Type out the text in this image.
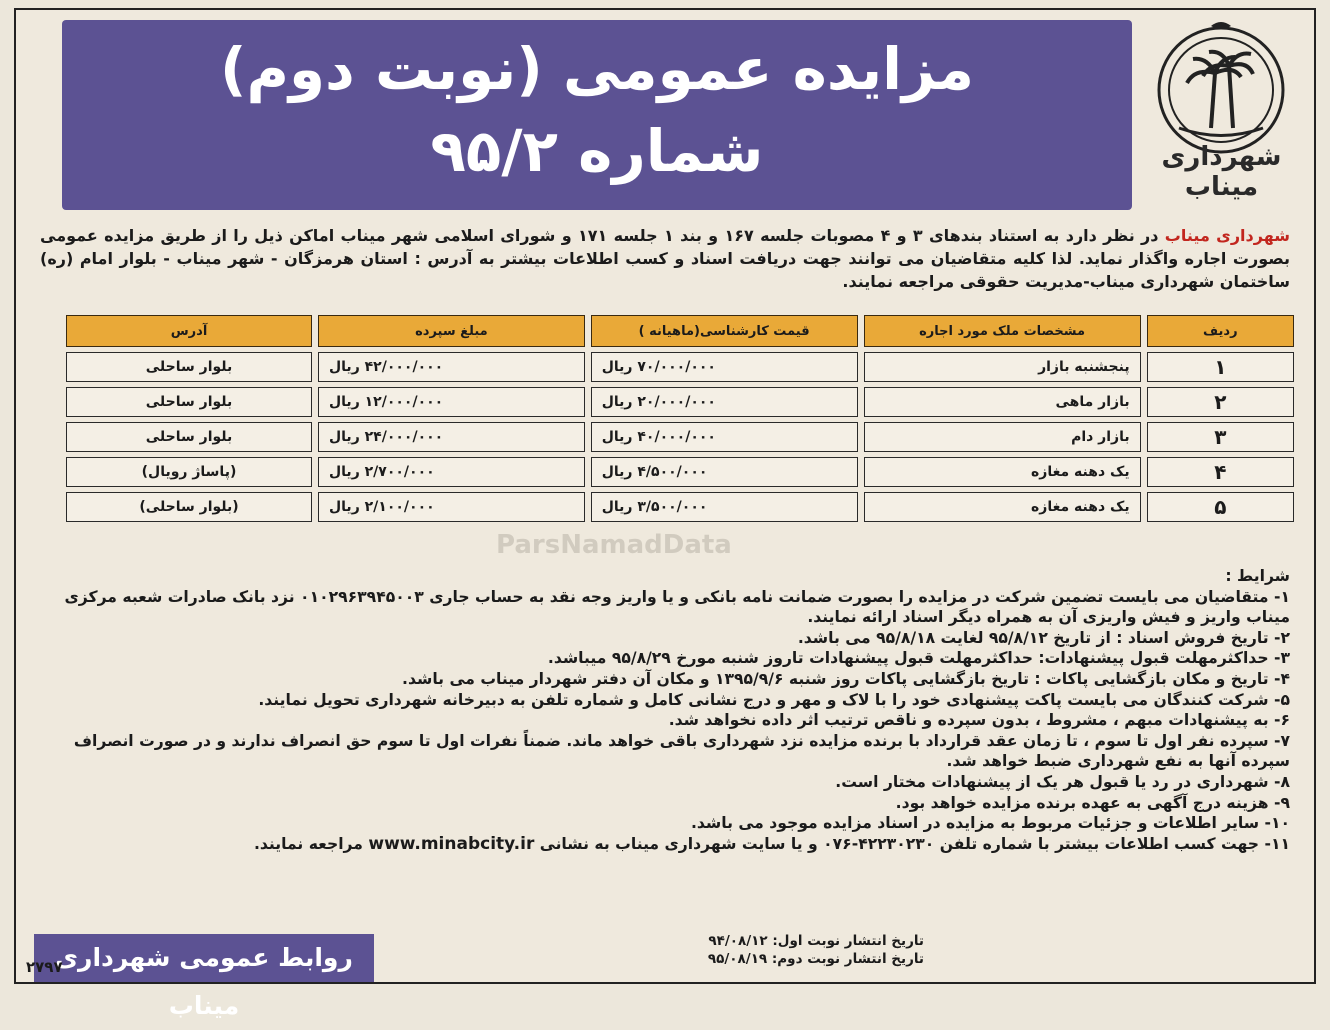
مزایده عمومی (نوبت دوم)
شماره ۹۵/۲	شهرداری میناب
شهرداری میناب در نظر دارد به استناد بندهای ۳ و ۴ مصوبات جلسه ۱۶۷ و بند ۱ جلسه ۱۷۱ و شورای اسلامی شهر میناب اماکن ذیل را از طریق مزایده عمومی بصورت اجاره واگذار نماید. لذا کلیه متقاضیان می توانند جهت دریافت اسناد و کسب اطلاعات بیشتر به آدرس : استان هرمزگان - شهر میناب - بلوار امام (ره) ساختمان شهرداری میناب-مدیریت حقوقی مراجعه نمایند.
ردیف	مشخصات ملک مورد اجاره	قیمت کارشناسی(ماهیانه )	مبلغ سپرده	آدرس
۱	پنجشنبه بازار	۷۰/۰۰۰/۰۰۰ ریال	۴۲/۰۰۰/۰۰۰ ریال	بلوار ساحلی
۲	بازار ماهی	۲۰/۰۰۰/۰۰۰ ریال	۱۲/۰۰۰/۰۰۰ ریال	بلوار ساحلی
۳	بازار دام	۴۰/۰۰۰/۰۰۰ ریال	۲۴/۰۰۰/۰۰۰ ریال	بلوار ساحلی
۴	یک دهنه مغازه	۴/۵۰۰/۰۰۰ ریال	۲/۷۰۰/۰۰۰ ریال	(پاساژ رویال)
۵	یک دهنه مغازه	۳/۵۰۰/۰۰۰ ریال	۲/۱۰۰/۰۰۰ ریال	(بلوار ساحلی)
ParsNamadData

شرایط :

۱- متقاضیان می بایست تضمین شرکت در مزایده را بصورت ضمانت نامه بانکی و یا واریز وجه نقد به حساب جاری ۰۱۰۲۹۶۳۹۴۵۰۰۳ نزد بانک صادرات شعبه مرکزی میناب واریز و فیش واریزی آن به همراه دیگر اسناد ارائه نمایند.

۲- تاریخ فروش اسناد : از تاریخ ۹۵/۸/۱۲ لغایت ۹۵/۸/۱۸ می باشد.

۳- حداکثرمهلت قبول پیشنهادات: حداکثرمهلت قبول پیشنهادات تاروز شنبه مورخ ۹۵/۸/۲۹ میباشد.

۴- تاریخ و مکان بازگشایی پاکات : تاریخ بازگشایی پاکات روز شنبه ۱۳۹۵/۹/۶ و مکان آن دفتر شهردار میناب می باشد.

۵- شرکت کنندگان می بایست پاکت پیشنهادی خود را با لاک و مهر و درج نشانی کامل و شماره تلفن به دبیرخانه شهرداری تحویل نمایند.

۶- به پیشنهادات مبهم ، مشروط ، بدون سپرده و ناقص ترتیب اثر داده نخواهد شد.

۷- سپرده نفر اول تا سوم ، تا زمان عقد قرارداد با برنده مزایده نزد شهرداری باقی خواهد ماند. ضمناً نفرات اول تا سوم حق انصراف ندارند و در صورت انصراف سپرده آنها به نفع شهرداری ضبط خواهد شد.

۸- شهرداری در رد یا قبول هر یک از پیشنهادات مختار است.

۹- هزینه درج آگهی به عهده برنده مزایده خواهد بود.

۱۰- سایر اطلاعات و جزئیات مربوط به مزایده در اسناد مزایده موجود می باشد.

۱۱- جهت کسب اطلاعات بیشتر با شماره تلفن ۴۲۲۳۰۲۳۰-۰۷۶ و یا سایت شهرداری میناب به نشانی www.minabcity.ir مراجعه نمایند.

تاریخ انتشار نوبت اول: ۹۴/۰۸/۱۲
تاریخ انتشار نوبت دوم: ۹۵/۰۸/۱۹
روابط عمومی شهرداری میناب
۲۷۹۷
